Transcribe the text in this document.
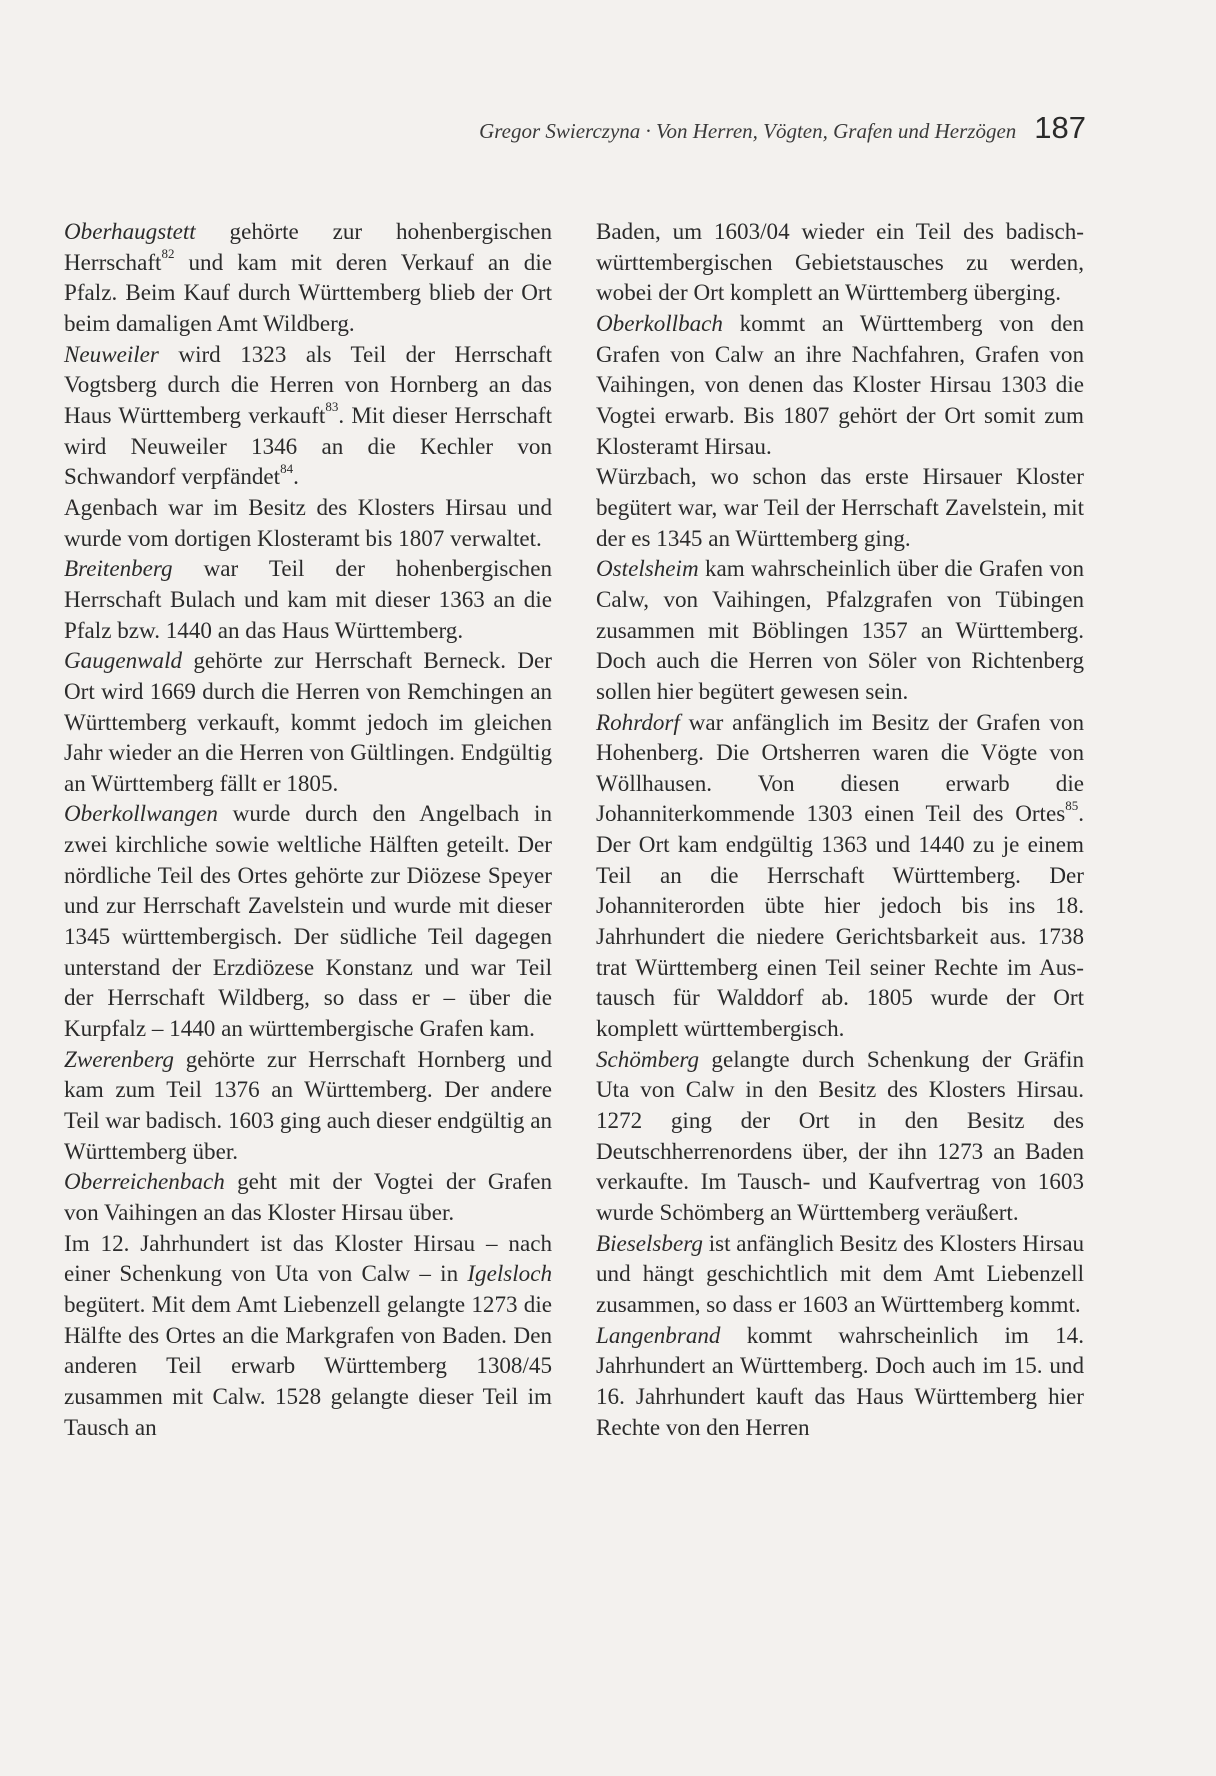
Gregor Swierczyna · Von Herren, Vögten, Grafen und Herzögen 187

Oberhaugstett gehörte zur hohenbergischen Herrschaft$^{82}$ und kam mit deren Verkauf an die Pfalz. Beim Kauf durch Württemberg blieb der Ort beim damaligen Amt Wildberg.

Neuweiler wird 1323 als Teil der Herrschaft Vogtsberg durch die Herren von Hornberg an das Haus Württemberg verkauft$^{83}$. Mit dieser Herrschaft wird Neuweiler 1346 an die Kechler von Schwandorf verpfändet$^{84}$.

Agenbach war im Besitz des Klosters Hirsau und wurde vom dortigen Klosteramt bis 1807 verwaltet.

Breitenberg war Teil der hohenbergischen Herrschaft Bulach und kam mit dieser 1363 an die Pfalz bzw. 1440 an das Haus Württemberg.

Gaugenwald gehörte zur Herrschaft Berneck. Der Ort wird 1669 durch die Herren von Remchingen an Württemberg verkauft, kommt jedoch im gleichen Jahr wieder an die Herren von Gültlingen. Endgültig an Württemberg fällt er 1805.

Oberkollwangen wurde durch den Angelbach in zwei kirchliche sowie weltliche Hälften geteilt. Der nördliche Teil des Ortes gehörte zur Diözese Speyer und zur Herrschaft Zavelstein und wurde mit dieser 1345 württembergisch. Der südliche Teil dagegen unterstand der Erzdiözese Konstanz und war Teil der Herrschaft Wildberg, so dass er – über die Kurpfalz – 1440 an württembergische Grafen kam.

Zwerenberg gehörte zur Herrschaft Hornberg und kam zum Teil 1376 an Württemberg. Der andere Teil war badisch. 1603 ging auch dieser endgültig an Württemberg über.

Oberreichenbach geht mit der Vogtei der Grafen von Vaihingen an das Kloster Hirsau über.

Im 12. Jahrhundert ist das Kloster Hirsau – nach einer Schenkung von Uta von Calw – in Igelsloch begütert. Mit dem Amt Liebenzell gelangte 1273 die Hälfte des Ortes an die Markgrafen von Baden. Den anderen Teil erwarb Württemberg 1308/45 zusammen mit Calw. 1528 gelangte dieser Teil im Tausch an

Baden, um 1603/04 wieder ein Teil des badisch-württembergischen Gebietstausches zu werden, wobei der Ort komplett an Württemberg überging.

Oberkollbach kommt an Württemberg von den Grafen von Calw an ihre Nachfahren, Grafen von Vaihingen, von denen das Kloster Hirsau 1303 die Vogtei erwarb. Bis 1807 gehört der Ort somit zum Klosteramt Hirsau.

Würzbach, wo schon das erste Hirsauer Kloster begütert war, war Teil der Herrschaft Zavelstein, mit der es 1345 an Württemberg ging.

Ostelsheim kam wahrscheinlich über die Grafen von Calw, von Vaihingen, Pfalzgrafen von Tübingen zusammen mit Böblingen 1357 an Württemberg. Doch auch die Herren von Söler von Richtenberg sollen hier begütert gewesen sein.

Rohrdorf war anfänglich im Besitz der Grafen von Hohenberg. Die Ortsherren waren die Vögte von Wöllhausen. Von diesen erwarb die Johanniterkommende 1303 einen Teil des Ortes$^{85}$. Der Ort kam endgültig 1363 und 1440 zu je einem Teil an die Herrschaft Württemberg. Der Johanniterorden übte hier jedoch bis ins 18. Jahrhundert die niedere Gerichtsbarkeit aus. 1738 trat Württemberg einen Teil seiner Rechte im Austausch für Walddorf ab. 1805 wurde der Ort komplett württembergisch.

Schömberg gelangte durch Schenkung der Gräfin Uta von Calw in den Besitz des Klosters Hirsau. 1272 ging der Ort in den Besitz des Deutschherrenordens über, der ihn 1273 an Baden verkaufte. Im Tausch- und Kaufvertrag von 1603 wurde Schömberg an Württemberg veräußert.

Bieselsberg ist anfänglich Besitz des Klosters Hirsau und hängt geschichtlich mit dem Amt Liebenzell zusammen, so dass er 1603 an Württemberg kommt.

Langenbrand kommt wahrscheinlich im 14. Jahrhundert an Württemberg. Doch auch im 15. und 16. Jahrhundert kauft das Haus Württemberg hier Rechte von den Herren
